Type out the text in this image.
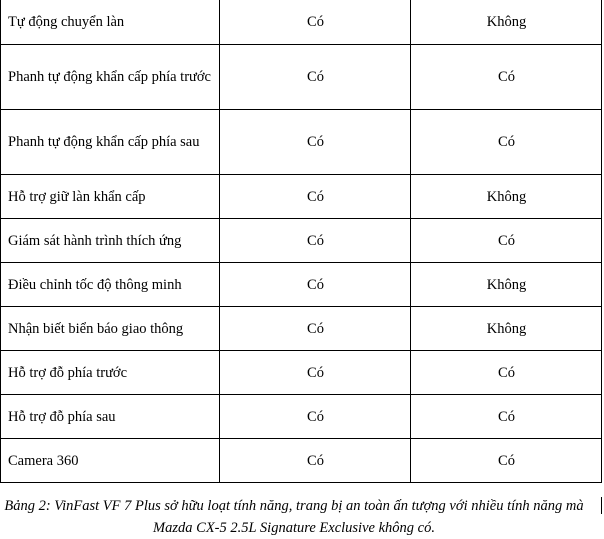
Tự động chuyển làn	Có	Không
Phanh tự động khẩn cấp phía trước	Có	Có
Phanh tự động khẩn cấp phía sau	Có	Có
Hỗ trợ giữ làn khẩn cấp	Có	Không
Giám sát hành trình thích ứng	Có	Có
Điều chỉnh tốc độ thông minh	Có	Không
Nhận biết biển báo giao thông	Có	Không
Hỗ trợ đỗ phía trước	Có	Có
Hỗ trợ đỗ phía sau	Có	Có
Camera 360	Có	Có
Bảng 2: VinFast VF 7 Plus sở hữu loạt tính năng, trang bị an toàn ấn tượng với nhiều tính năng mà Mazda CX-5 2.5L Signature Exclusive không có.
